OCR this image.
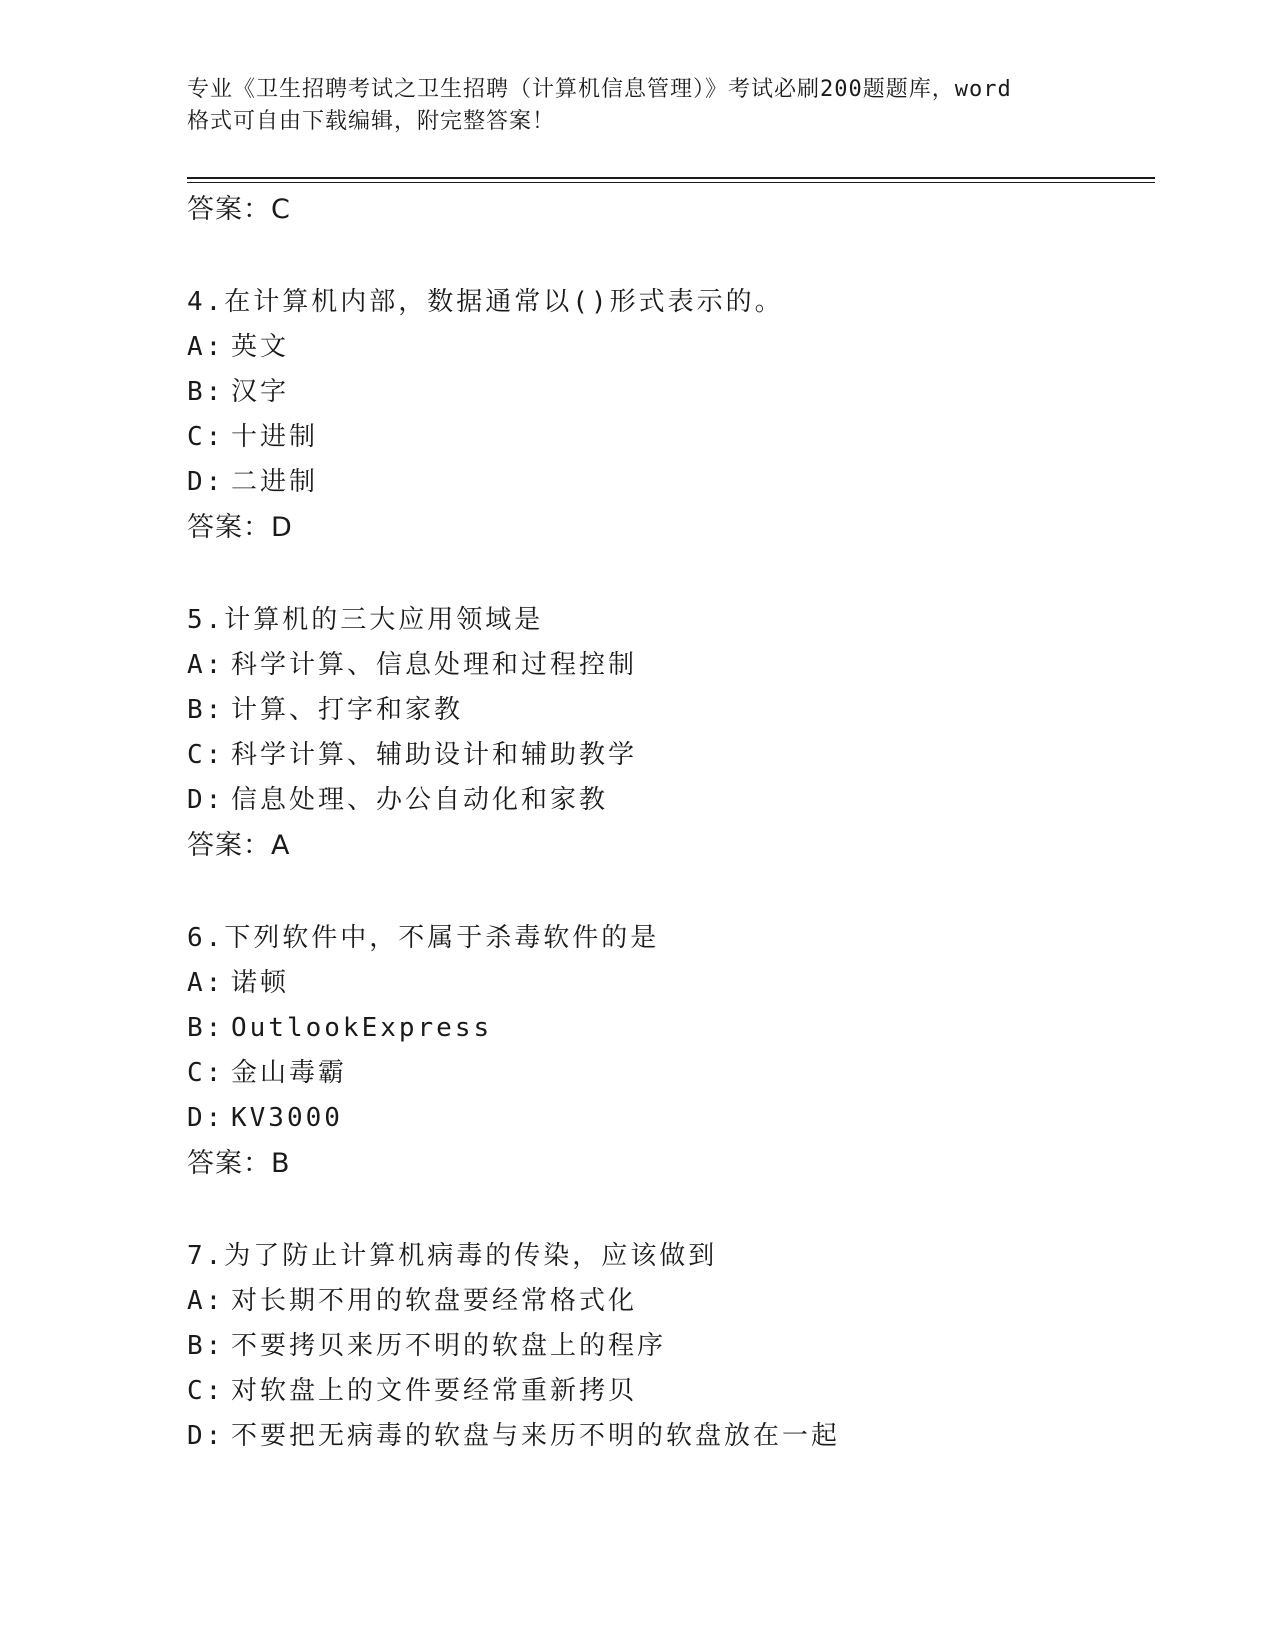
专业《卫生招聘考试之卫生招聘（计算机信息管理）》考试必刷200题题库，word
格式可自由下载编辑，附完整答案！
答案：C
4.在计算机内部，数据通常以()形式表示的。
A: 英文
B: 汉字
C: 十进制
D: 二进制
答案：D
5.计算机的三大应用领域是
A: 科学计算、信息处理和过程控制
B: 计算、打字和家教
C: 科学计算、辅助设计和辅助教学
D: 信息处理、办公自动化和家教
答案：A
6.下列软件中，不属于杀毒软件的是
A: 诺顿
B: OutlookExpress
C: 金山毒霸
D: KV3000
答案：B
7.为了防止计算机病毒的传染，应该做到
A: 对长期不用的软盘要经常格式化
B: 不要拷贝来历不明的软盘上的程序
C: 对软盘上的文件要经常重新拷贝
D: 不要把无病毒的软盘与来历不明的软盘放在一起
